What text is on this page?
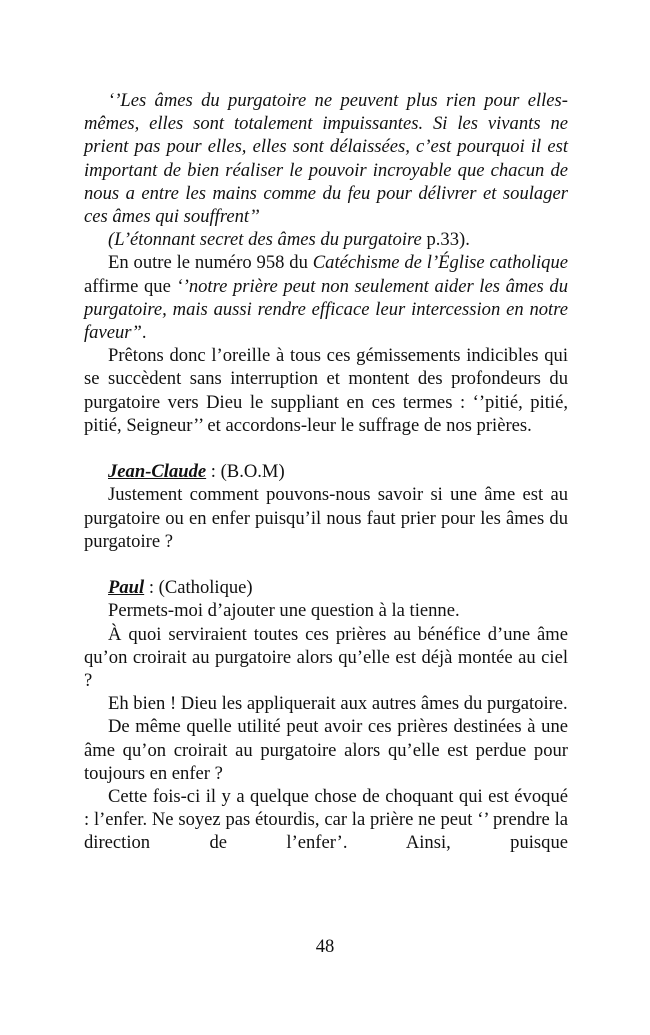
‘’Les âmes du purgatoire ne peuvent plus rien pour elles-mêmes, elles sont totalement impuissantes. Si les vivants ne prient pas pour elles, elles sont délaissées, c’est pourquoi il est important de bien réaliser le pouvoir incroyable que chacun de nous a entre les mains comme du feu pour délivrer et soulager ces âmes qui souffrent’’

(L’étonnant secret des âmes du purgatoire p.33).

En outre le numéro 958 du Catéchisme de l’Église catholique affirme que ‘’notre prière peut non seulement aider les âmes du purgatoire, mais aussi rendre efficace leur intercession en notre faveur”.

Prêtons donc l’oreille à tous ces gémissements indicibles qui se succèdent sans interruption et montent des profondeurs du purgatoire vers Dieu le suppliant en ces termes : ‘’pitié, pitié, pitié, Seigneur’’ et accordons-leur le suffrage de nos prières.

Jean-Claude : (B.O.M)

Justement comment pouvons-nous savoir si une âme est au purgatoire ou en enfer puisqu’il nous faut prier pour les âmes du purgatoire ?

Paul : (Catholique)

Permets-moi d’ajouter une question à la tienne.

À quoi serviraient toutes ces prières au bénéfice d’une âme qu’on croirait au purgatoire alors qu’elle est déjà montée au ciel ?

Eh bien ! Dieu les appliquerait aux autres âmes du purgatoire.

De même quelle utilité peut avoir ces prières destinées à une âme qu’on croirait au purgatoire alors qu’elle est perdue pour toujours en enfer ?

Cette fois-ci il y a quelque chose de choquant qui est évoqué : l’enfer. Ne soyez pas étourdis, car la prière ne peut ‘’ prendre la direction de l’enfer’. Ainsi, puisque

48
